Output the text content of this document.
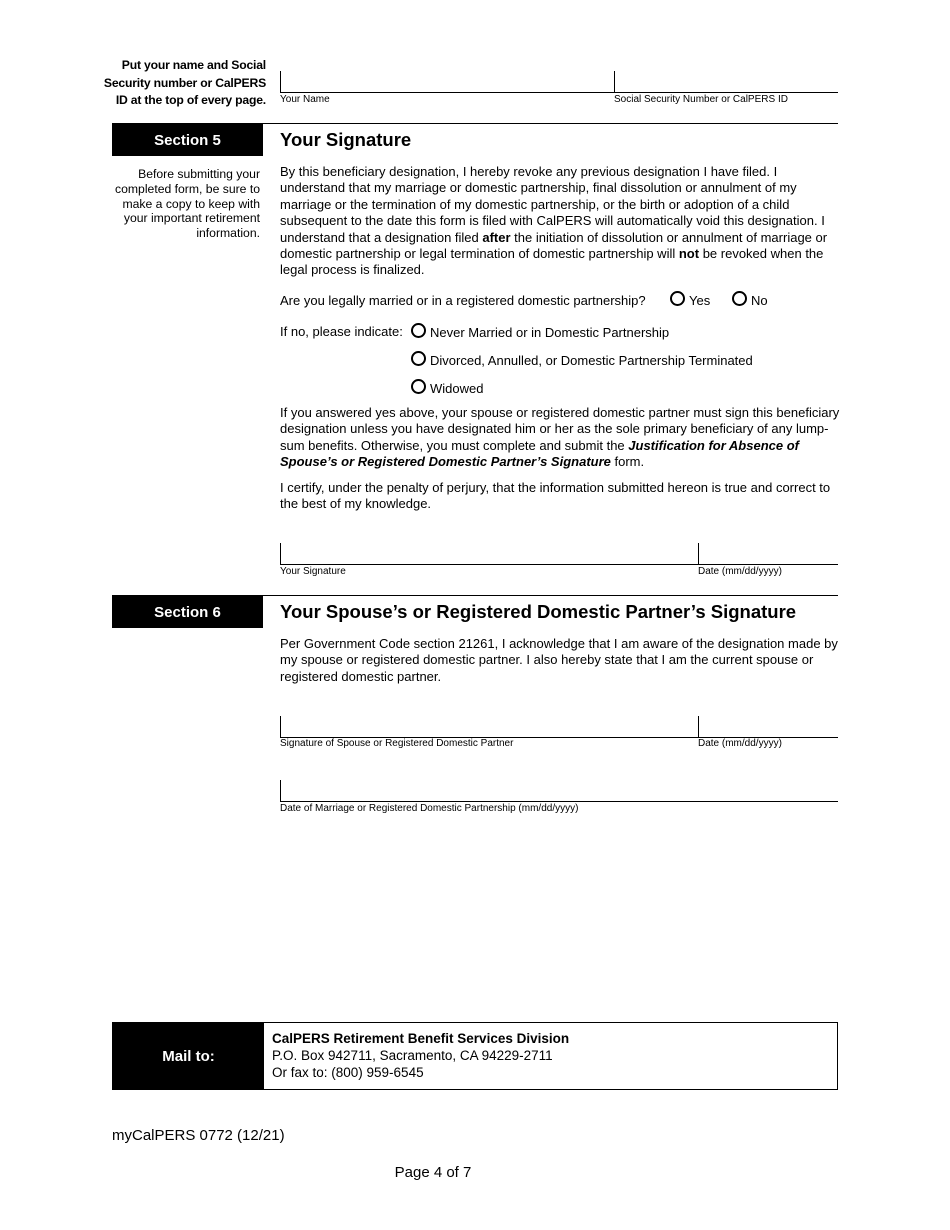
Put your name and Social
Security number or CalPERS
ID at the top of every page. Your Name	Social Security Number or CalPERS ID
Section 5	Your Signature
Before submitting your completed form, be sure to make a copy to keep with your important retirement information.
By this beneficiary designation, I hereby revoke any previous designation I have filed. I understand that my marriage or domestic partnership, final dissolution or annulment of my marriage or the termination of my domestic partnership, or the birth or adoption of a child subsequent to the date this form is filed with CalPERS will automatically void this designation. I understand that a designation filed after the initiation of dissolution or annulment of marriage or domestic partnership or legal termination of domestic partnership will not be revoked when the legal process is finalized.
Are you legally married or in a registered domestic partnership?	Yes	No
If no, please indicate:	Never Married or in Domestic Partnership
Divorced, Annulled, or Domestic Partnership Terminated
Widowed
If you answered yes above, your spouse or registered domestic partner must sign this beneficiary designation unless you have designated him or her as the sole primary beneficiary of any lump-sum benefits. Otherwise, you must complete and submit the Justification for Absence of Spouse’s or Registered Domestic Partner’s Signature form.
I certify, under the penalty of perjury, that the information submitted hereon is true and correct to the best of my knowledge.
Your Signature	Date (mm/dd/yyyy)
Section 6	Your Spouse’s or Registered Domestic Partner’s Signature
Per Government Code section 21261, I acknowledge that I am aware of the designation made by my spouse or registered domestic partner. I also hereby state that I am the current spouse or registered domestic partner.
Signature of Spouse or Registered Domestic Partner	Date (mm/dd/yyyy)
Date of Marriage or Registered Domestic Partnership (mm/dd/yyyy)
Mail to:
CalPERS Retirement Benefit Services Division
P.O. Box 942711, Sacramento, CA 94229-2711
Or fax to: (800) 959-6545
myCalPERS 0772 (12/21)
Page 4 of 7
